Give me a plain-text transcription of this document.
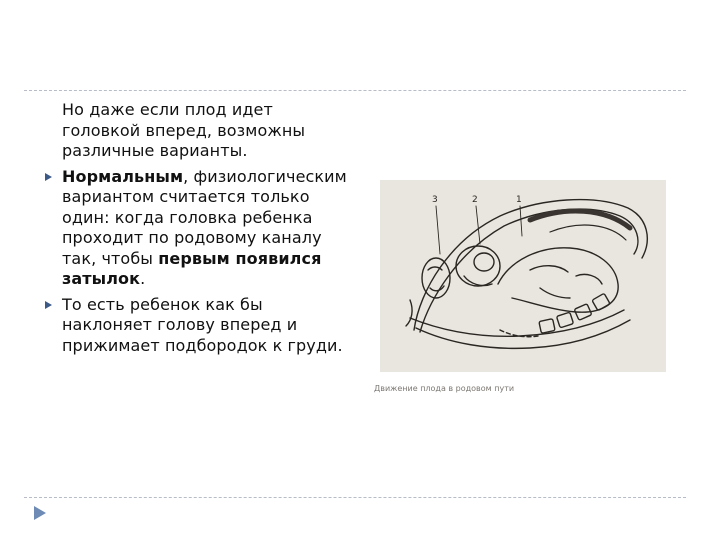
Но даже если плод идет головкой вперед, возможны различные варианты.

Нормальным, физиологическим вариантом считается только один: когда головка ребенка проходит по родовому каналу так, чтобы первым появился затылок.

То есть ребенок как бы наклоняет голову вперед и прижимает подбородок к груди.

3	2	1
Движение плода в родовом пути
